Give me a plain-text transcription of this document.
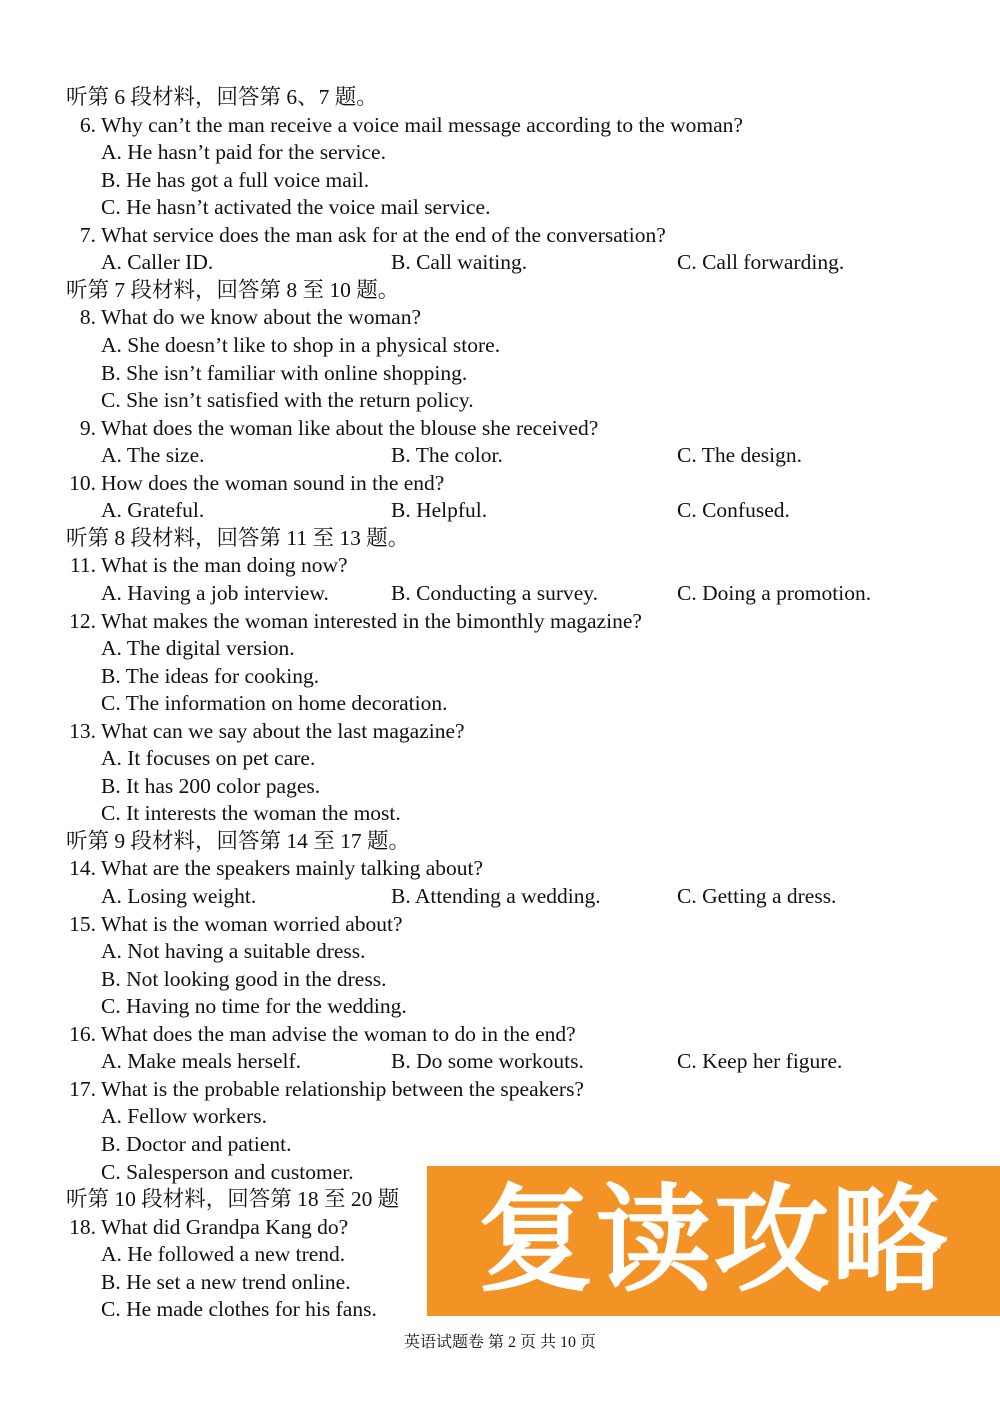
听第 6 段材料，回答第 6、7 题。
6. Why can’t the man receive a voice mail message according to the woman?
A. He hasn’t paid for the service.
B. He has got a full voice mail.
C. He hasn’t activated the voice mail service.
7. What service does the man ask for at the end of the conversation?
A. Caller ID.	B. Call waiting.	C. Call forwarding.
听第 7 段材料，回答第 8 至 10 题。
8. What do we know about the woman?
A. She doesn’t like to shop in a physical store.
B. She isn’t familiar with online shopping.
C. She isn’t satisfied with the return policy.
9. What does the woman like about the blouse she received?
A. The size.	B. The color.	C. The design.
10. How does the woman sound in the end?
A. Grateful.	B. Helpful.	C. Confused.
听第 8 段材料，回答第 11 至 13 题。
11. What is the man doing now?
A. Having a job interview.	B. Conducting a survey.	C. Doing a promotion.
12. What makes the woman interested in the bimonthly magazine?
A. The digital version.
B. The ideas for cooking.
C. The information on home decoration.
13. What can we say about the last magazine?
A. It focuses on pet care.
B. It has 200 color pages.
C. It interests the woman the most.
听第 9 段材料，回答第 14 至 17 题。
14. What are the speakers mainly talking about?
A. Losing weight.	B. Attending a wedding.	C. Getting a dress.
15. What is the woman worried about?
A. Not having a suitable dress.
B. Not looking good in the dress.
C. Having no time for the wedding.
16. What does the man advise the woman to do in the end?
A. Make meals herself.	B. Do some workouts.	C. Keep her figure.
17. What is the probable relationship between the speakers?
A. Fellow workers.
B. Doctor and patient.
C. Salesperson and customer.
听第 10 段材料，回答第 18 至 20 题
18. What did Grandpa Kang do?
A. He followed a new trend.
B. He set a new trend online.
C. He made clothes for his fans.
复读攻略
英语试题卷 第 2 页 共 10 页
